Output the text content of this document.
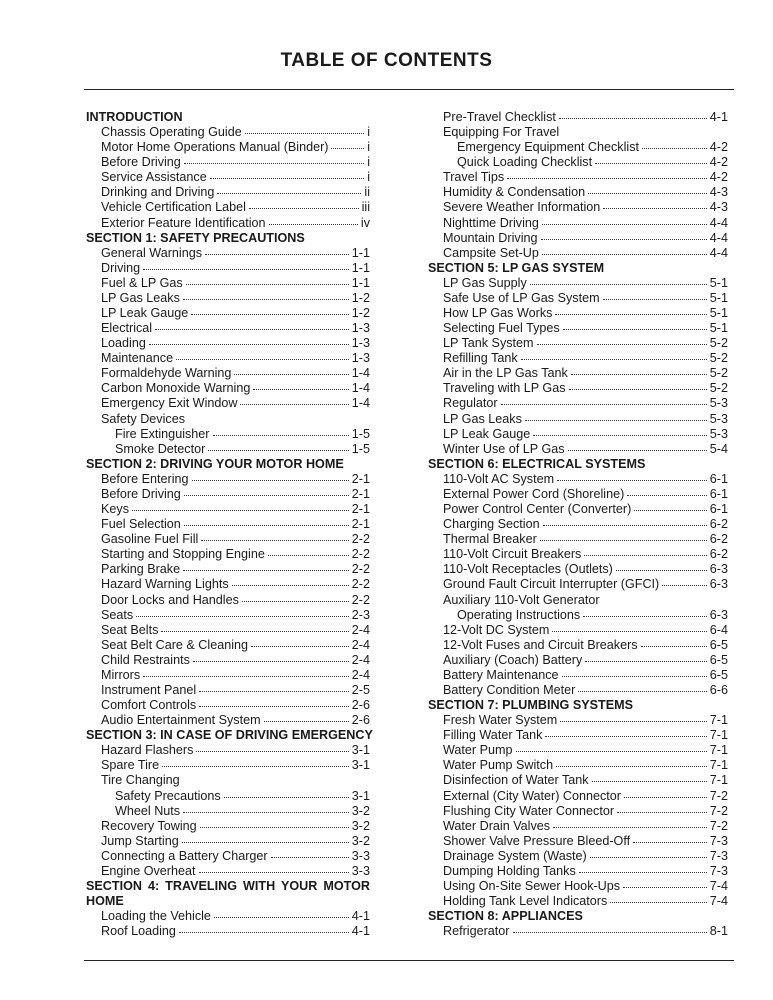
TABLE OF CONTENTS
INTRODUCTION
Chassis Operating Guide	i
Motor Home Operations Manual (Binder)	i
Before Driving	i
Service Assistance	i
Drinking and Driving	ii
Vehicle Certification Label	iii
Exterior Feature Identification	iv
SECTION 1: SAFETY PRECAUTIONS
General Warnings	1-1
Driving	1-1
Fuel & LP Gas	1-1
LP Gas Leaks	1-2
LP Leak Gauge	1-2
Electrical	1-3
Loading	1-3
Maintenance	1-3
Formaldehyde Warning	1-4
Carbon Monoxide Warning	1-4
Emergency Exit Window	1-4
Safety Devices
Fire Extinguisher	1-5
Smoke Detector	1-5
SECTION 2: DRIVING YOUR MOTOR HOME
Before Entering	2-1
Before Driving	2-1
Keys	2-1
Fuel Selection	2-1
Gasoline Fuel Fill	2-2
Starting and Stopping Engine	2-2
Parking Brake	2-2
Hazard Warning Lights	2-2
Door Locks and Handles	2-2
Seats	2-3
Seat Belts	2-4
Seat Belt Care & Cleaning	2-4
Child Restraints	2-4
Mirrors	2-4
Instrument Panel	2-5
Comfort Controls	2-6
Audio Entertainment System	2-6
SECTION 3: IN CASE OF DRIVING EMERGENCY
Hazard Flashers	3-1
Spare Tire	3-1
Tire Changing
Safety Precautions	3-1
Wheel Nuts	3-2
Recovery Towing	3-2
Jump Starting	3-2
Connecting a Battery Charger	3-3
Engine Overheat	3-3
SECTION 4: TRAVELING WITH YOUR MOTOR
HOME
Loading the Vehicle	4-1
Roof Loading	4-1
Pre-Travel Checklist	4-1
Equipping For Travel
Emergency Equipment Checklist	4-2
Quick Loading Checklist	4-2
Travel Tips	4-2
Humidity & Condensation	4-3
Severe Weather Information	4-3
Nighttime Driving	4-4
Mountain Driving	4-4
Campsite Set-Up	4-4
SECTION 5: LP GAS SYSTEM
LP Gas Supply	5-1
Safe Use of LP Gas System	5-1
How LP Gas Works	5-1
Selecting Fuel Types	5-1
LP Tank System	5-2
Refilling Tank	5-2
Air in the LP Gas Tank	5-2
Traveling with LP Gas	5-2
Regulator	5-3
LP Gas Leaks	5-3
LP Leak Gauge	5-3
Winter Use of LP Gas	5-4
SECTION 6: ELECTRICAL SYSTEMS
110-Volt AC System	6-1
External Power Cord (Shoreline)	6-1
Power Control Center (Converter)	6-1
Charging Section	6-2
Thermal Breaker	6-2
110-Volt Circuit Breakers	6-2
110-Volt Receptacles (Outlets)	6-3
Ground Fault Circuit Interrupter (GFCI)	6-3
Auxiliary 110-Volt Generator
Operating Instructions	6-3
12-Volt DC System	6-4
12-Volt Fuses and Circuit Breakers	6-5
Auxiliary (Coach) Battery	6-5
Battery Maintenance	6-5
Battery Condition Meter	6-6
SECTION 7: PLUMBING SYSTEMS
Fresh Water System	7-1
Filling Water Tank	7-1
Water Pump	7-1
Water Pump Switch	7-1
Disinfection of Water Tank	7-1
External (City Water) Connector	7-2
Flushing City Water Connector	7-2
Water Drain Valves	7-2
Shower Valve Pressure Bleed-Off	7-3
Drainage System (Waste)	7-3
Dumping Holding Tanks	7-3
Using On-Site Sewer Hook-Ups	7-4
Holding Tank Level Indicators	7-4
SECTION 8: APPLIANCES
Refrigerator	8-1
